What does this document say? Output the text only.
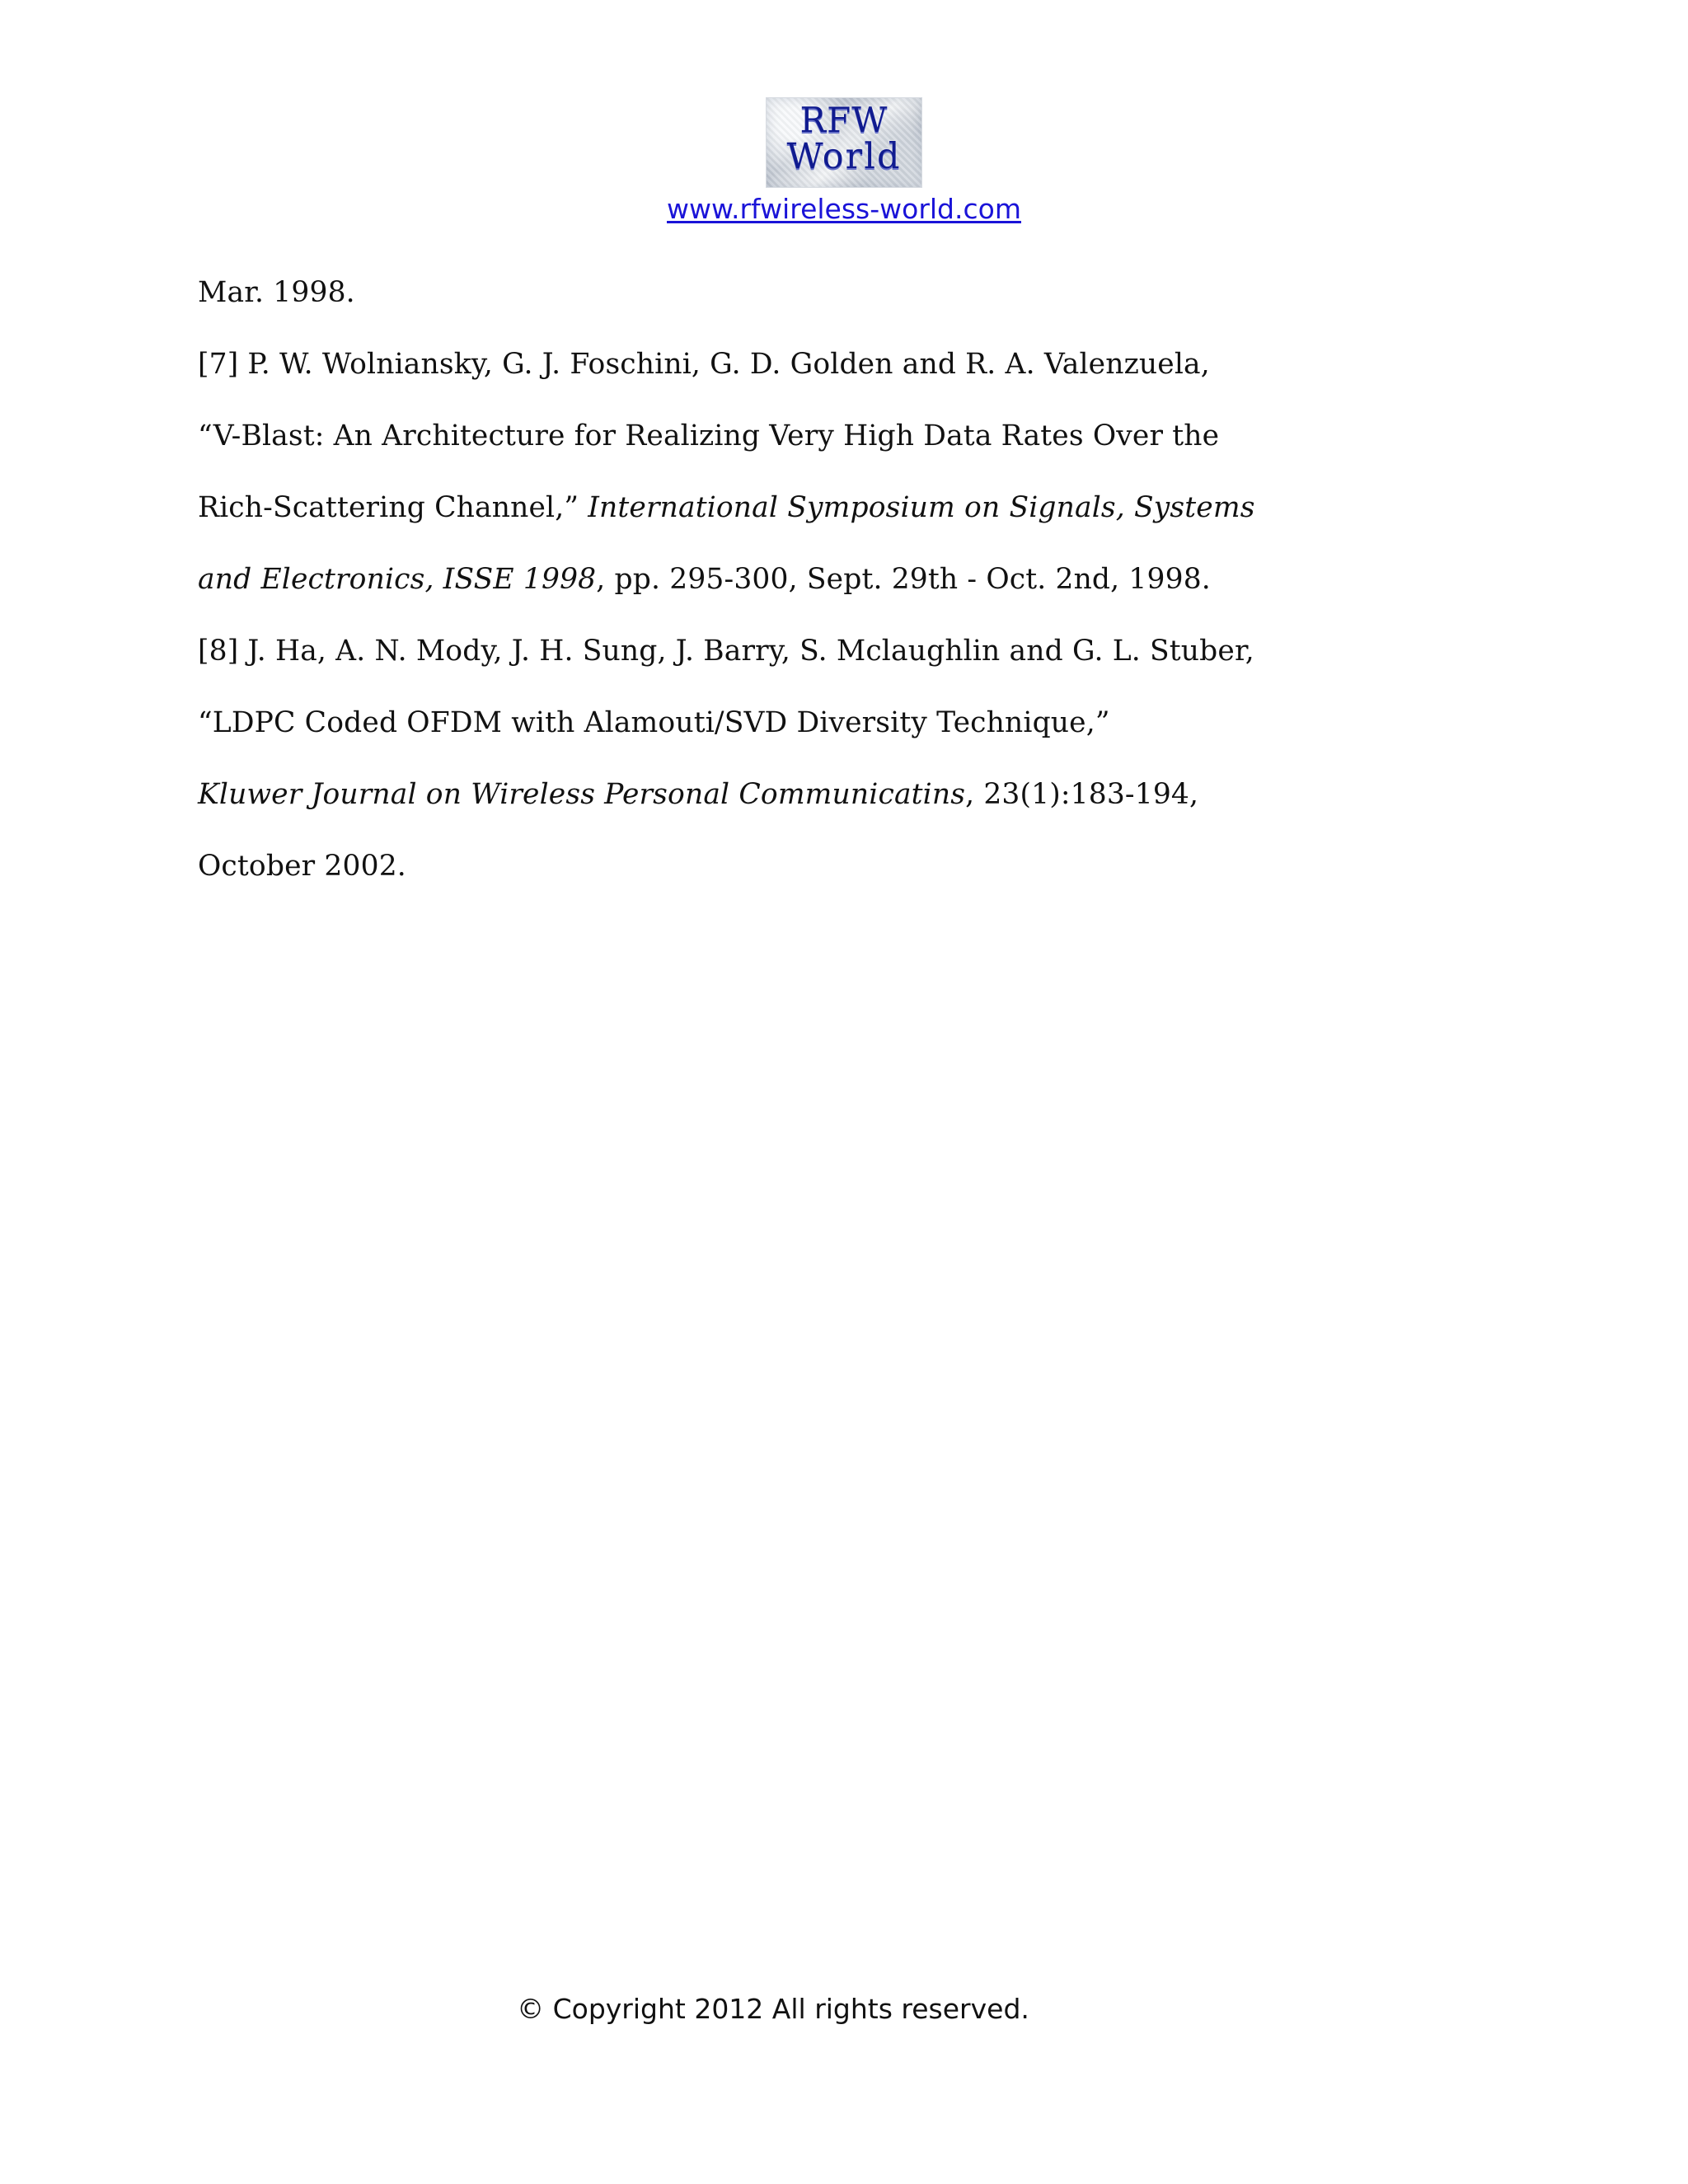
RFW
World
www.rfwireless-world.com

Mar. 1998.

[7] P. W. Wolniansky, G. J. Foschini, G. D. Golden and R. A. Valenzuela,

“V-Blast: An Architecture for Realizing Very High Data Rates Over the

Rich-Scattering Channel,” International Symposium on Signals, Systems

and Electronics, ISSE 1998, pp. 295-300, Sept. 29th - Oct. 2nd, 1998.

[8] J. Ha, A. N. Mody, J. H. Sung, J. Barry, S. Mclaughlin and G. L. Stuber,

“LDPC Coded OFDM with Alamouti/SVD Diversity Technique,”

Kluwer Journal on Wireless Personal Communicatins, 23(1):183-194,

October 2002.

© Copyright 2012 All rights reserved.
